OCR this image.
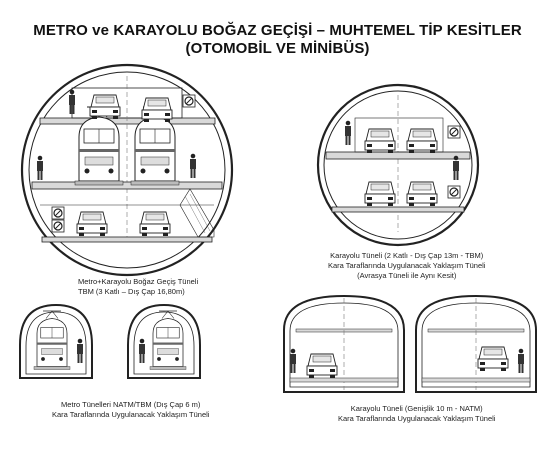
METRO ve KARAYOLU BOĞAZ GEÇİŞİ – MUHTEMEL TİP KESİTLER
(OTOMOBİL VE MİNİBÜS)
Metro+Karayolu Boğaz Geçiş Tüneli
TBM (3 Katlı – Dış Çap 16,80m)
Karayolu Tüneli (2 Katlı - Dış Çap 13m - TBM)
Kara Taraflarında Uygulanacak Yaklaşım Tüneli
(Avrasya Tüneli ile Aynı Kesit)
Metro Tünelleri NATM/TBM (Dış Çap 6 m)
Kara Taraflarında Uygulanacak Yaklaşım Tüneli
Karayolu Tüneli (Genişlik 10 m - NATM)
Kara Taraflarında Uygulanacak Yaklaşım Tüneli
